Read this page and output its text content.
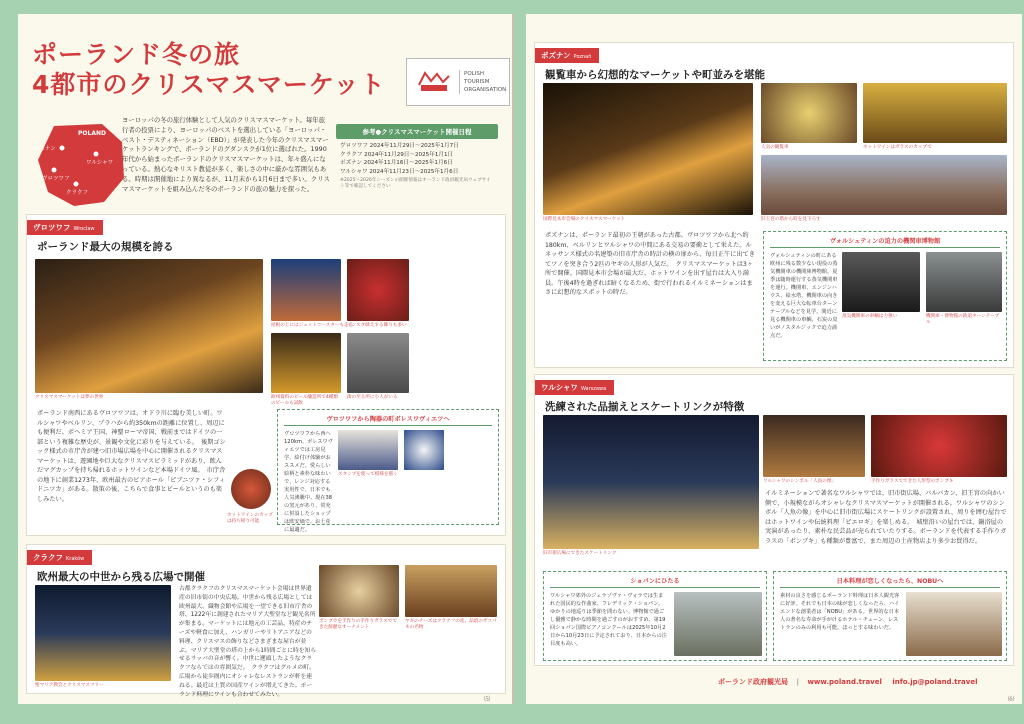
ポーランド冬の旅
4都市のクリスマスマーケット	POLISH
TOURISM
ORGANISATION
POLAND
ポズナン
ワルシャワ
ヴロツワフ
クラクフ
ヨーロッパの冬の旅行体験として人気のクリスマスマーケット。毎年旅行者の投票により、ヨーロッパのベストを選出している「ヨーロッパ・ベスト・デスティネーション（EBD）」が発表した今年のクリスマスマーケットランキングで、ポーランドのグダンスクが1位に選ばれた。1990年代から始まったポーランドのクリスマスマーケットは、年々盛んになっている。熱心なキリスト教徒が多く、楽しさの中に厳かな雰囲気もある。時期は開催地により異なるが、11月末から1月6日まで多い。クリスマスマーケットを組み込んだ冬のポーランドの旅の魅力を探った。
参考●クリスマスマーケット開催日程
ヴロツワフ 2024年11月29日〜2025年1月7日
クラクフ 2024年11月29日〜2025年1月1日
ポズナン 2024年11月16日〜2025年1月6日
ワルシャワ 2024年11月23日〜2025年1月6日
※2025〜2026年シーズンの開催情報はオーランド政府観光局ウェブサイト等で確認してください
ヴロツワフ Wroclaw
ポーランド最大の規模を誇る
クリスマスマーケットは夢の世界
屋根の上にはジェットコースターも走る
インスタ映えする飾りも多い
欧州資料のビール醸造所で4種類のビールも試飲
街の至る所に小人がいる
ポーランド南西にあるヴロツワフは、オドラ川に臨む美しい町。ワルシャワやベルリン、プラハから約350kmの距離に位置し、周辺にも便利だ。ボヘミア王国、神聖ローマ帝国、戦前まではドイツの一部という複雑な歴史が、景観や文化に彩りを与えている。　後期ゴシック様式の市庁舎が建つ旧市場広場を中心に開催されるクリスマスマーケットは、遊園地や巨大なクリスマスピラミッドがあり、飲んだマグカップを持ち帰れるホットワインなど本場ドイツ風。　市庁舎の地下に創業1273年、欧州最古のビアホール「ピブニツァ・シフィドニツカ」がある。散策の後、こちらで食事とビールというのも楽しみたい。
ホットワインのカップは持ち帰り可能
ヴロツワフから陶器の町ボレスワヴィエツへ
ヴロツワフから西へ120km、ボレスワヴィエツでは工房見学、絵付け体験がおススメだ。愛らしい絵柄と素朴な味わいで、レンジ対応する実用性で、日本でも人気沸騰中。現在38の窯元があり、常充に併設したショップは欧安価で、お土産に最適だ。
スタンプを使って模様を描く
クラクフ Kraków
欧州最大の中世から残る広場で開催
聖マリア教会とクリスマスツリー
ボンブカを手作りの手作りガラスでできた鮮麗なオーナメント
ヤギのチーズはクラクフの産。品頃のザコパネの名物
古都クラクフのクリスマスマーケット会場は世界遺産の旧市街の中央広場。中世から残る広場としては欧州最大。織物会館や広場を一望できる旧市庁舎の塔、1222年に創建されたマリア大聖堂など観光名所が集まる。マーケットには地元の工芸品、特産のチーズや軽食に加え、ハンガリーやリトアニアなどの料理、クリスマスの飾りなどさまざまな屋台が並ぶ。マリア大聖堂の塔の上から1時間ごとに時を知らせるラッパの音が響く。中世に遡頭したようなクラクフならではの雰囲気だ。　クラクフはグルメの町。広場から徒歩圏内にオシャレなレストランが軒を連ねる。最近は上質の国産ワインが増えてきた。ポーランド料理にワインも合わせてみたい。
⑸
ポズナン Poznań
観覧車から幻想的なマーケットや町並みを堪能
国際見本市会場のクリスマスマーケット
人気の観覧車	ホットワインはガラスのカップで
旧王宮の塔から町を見下ろす
ポズナンは、ポーランド最初の王朝があった古都。ヴロツワフから北へ約180km、ベルリンとワルシャワの中間にある交易の要衝として栄えた。ルネッサンス様式の名建築の旧市庁舎の時計の横の扉から、毎日正午に出てきてツノを突き合う2匹のヤギの人形が人気だ。　クリスマスマーケットは3ヶ所で開催。国際見本市会場が最大だ。ホットワインを出す屋台は大入り満員。午後4時を過ぎれば暗くなるため、街で行われるイルミネーションはまさに幻想的なスポットの時だ。
ヴォルシュティンの迫力の機関車博物館
ヴォルシュティンの町にある欧州に残る数少ない現役の蒸気機関車の機関庫博物館。夏季は随時運行する蒸気機関車を運行。機関車、エンジンハウス、給水塔、機関車の向きを変える巨大な転車台ターンテーブルなどを見学。間近に見る機関車の車輌、石炭の臭いがノスタルジックで迫力満点だ。
蒸気機関車の車輌は力強い	機関庫・博物館の鉄道ターンテーブル
ワルシャワ Warszawa
洗練された品揃えとスケートリンクが特徴
旧市街広場にできたスケートリンク
ワルシャワのシンボル「人魚の像」	手作りガラスでできた人形型のボンブキ
イルミネーションで著名なワルシャワでは、旧市街広場、バルバカン、旧王宮の向かい側で、小規模ながらオシャレなクリスマスマーケットが開催される。ワルシャワのシンボル「人魚の像」を中心に旧市街広場にスケートリンクが設置され、周りを囲む屋台ではホットワインや伝統料理「ピエロギ」を楽しめる。　城壁沿いの屋台では、鍋浴屋の実演があったり、素朴な民芸品が売られていたりする。ボーランドを代表する手作りガラスの「ボンブキ」も種類が豊富で、また周辺の土産物店より多少お買得だ。
ショパンにひたる
ワルシャワ郊外のジェラゾヴァ・ヴォラでは生まれた国民的な作曲家、フレデリック・ショパン。ゆかりの地巡りは季節を問わない。博物館で過ごし優雅で静かな時間を過ごすのがおすすめ。第19回ショパン国際ピアノコンクールは2025年10月2日から10月23日に予定されており、日本からの注目度も高い。
日本料理が恋しくなったら、NOBUへ
素材の良さを感じるポーランド料理は日本人観光客に好評。それでも日本の味が恋しくなったら、ハイエンドな創業者は「NOBU」がある。世界的な日本人の著名な寿命が手がけるホテル・チェーン、レストランのみの利用も可能。ほっとする味わいだ。
ポーランド政府観光局 | www.poland.travel info.jp@poland.travel
⑹
